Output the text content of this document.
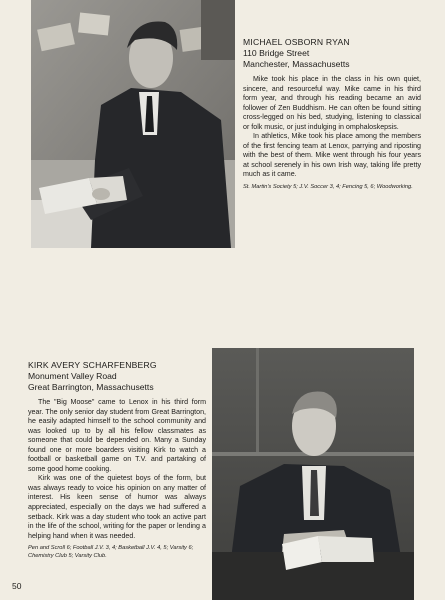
MICHAEL OSBORN RYAN
110 Bridge Street
Manchester, Massachusetts

Mike took his place in the class in his own quiet, sincere, and resourceful way. Mike came in his third form year, and through his reading became an avid follower of Zen Buddhism. He can often be found sitting cross-legged on his bed, studying, listening to classical or folk music, or just indulging in omphaloskepsis.

In athletics, Mike took his place among the members of the first fencing team at Lenox, parrying and riposting with the best of them. Mike went through his four years at school serenely in his own Irish way, taking life pretty much as it came.

St. Martin's Society 5; J.V. Soccer 3, 4; Fencing 5, 6; Woodworking.
KIRK AVERY SCHARFENBERG
Monument Valley Road
Great Barrington, Massachusetts

The "Big Moose" came to Lenox in his third form year. The only senior day student from Great Barrington, he easily adapted himself to the school community and was looked up to by all his fellow classmates as someone that could be depended on. Many a Sunday found one or more boarders visiting Kirk to watch a football or basketball game on T.V. and partaking of some good home cooking.

Kirk was one of the quietest boys of the form, but was always ready to voice his opinion on any matter of interest. His keen sense of humor was always appreciated, especially on the days we had suffered a setback. Kirk was a day student who took an active part in the life of the school, writing for the paper or lending a helping hand when it was needed.

Pen and Scroll 6; Football J.V. 3, 4; Basketball J.V. 4, 5; Varsity 6; Chemistry Club 5; Varsity Club.
50
